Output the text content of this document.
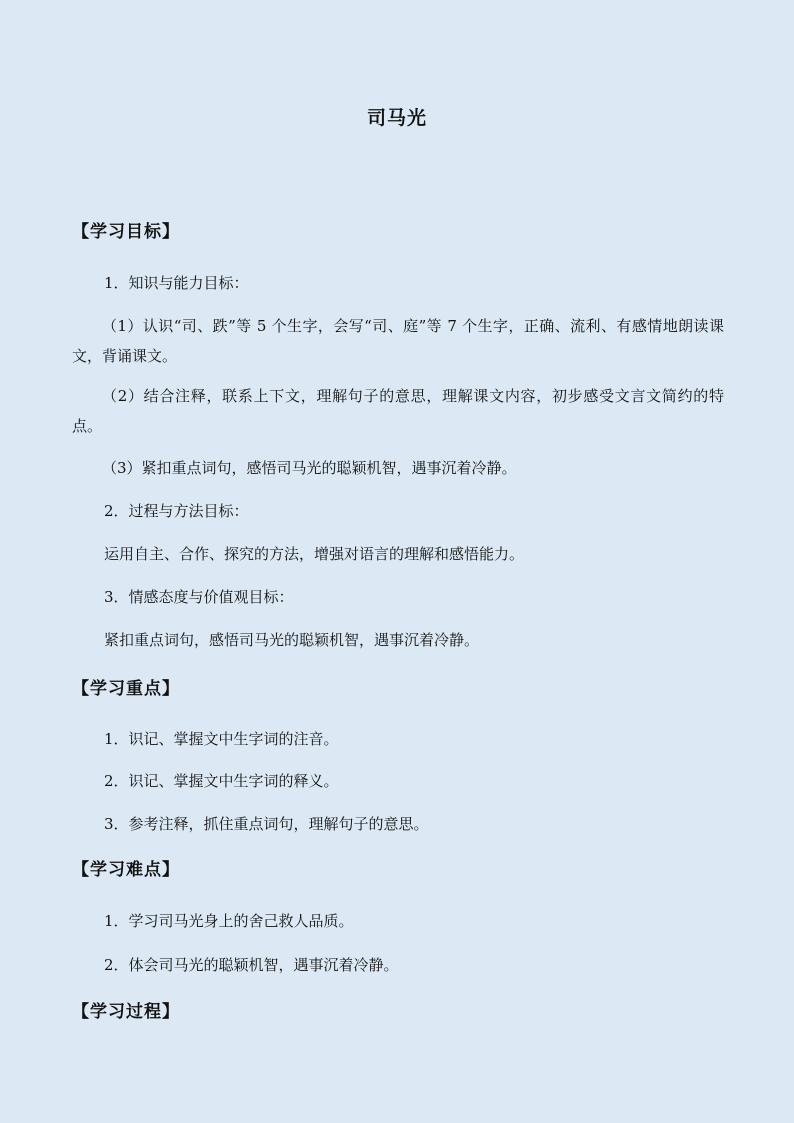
司马光
【学习目标】
1．知识与能力目标：
（1）认识“司、跌”等 5 个生字，会写“司、庭”等 7 个生字，正确、流利、有感情地朗读课文，背诵课文。
（2）结合注释，联系上下文，理解句子的意思，理解课文内容，初步感受文言文简约的特点。
（3）紧扣重点词句，感悟司马光的聪颖机智，遇事沉着冷静。
2．过程与方法目标：
运用自主、合作、探究的方法，增强对语言的理解和感悟能力。
3．情感态度与价值观目标：
紧扣重点词句，感悟司马光的聪颖机智，遇事沉着冷静。
【学习重点】
1．识记、掌握文中生字词的注音。
2．识记、掌握文中生字词的释义。
3．参考注释，抓住重点词句，理解句子的意思。
【学习难点】
1．学习司马光身上的舍己救人品质。
2．体会司马光的聪颖机智，遇事沉着冷静。
【学习过程】
